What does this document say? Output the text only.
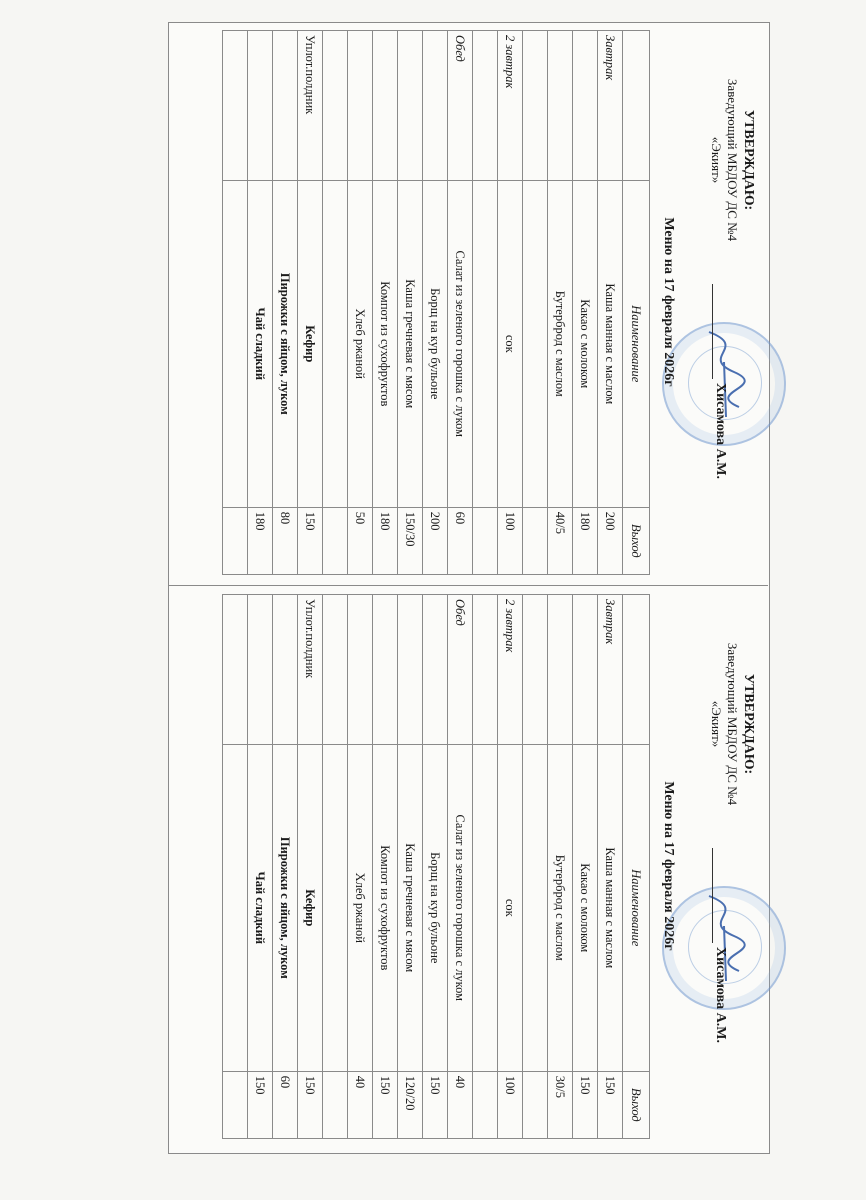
УТВЕРЖДАЮ:
Заведующий МБДОУ ДС №4
«Экият»
Хисамова А.М.
Меню на 17 февраля 2026г
	Наименование	Выход
Завтрак	Каша манная с маслом	200
	Какао с молоком	180
	Бутерброд с маслом	40/5

2 завтрак	сок	100

Обед	Салат из зеленого горошка с луком	60
	Борщ на кур бульоне	200
	Каша гречневая с мясом	150/30
	Компот из сухофруктов	180
	Хлеб ржаной	50

Уплот.полдник	Кефир	150
	Пирожки с яйцом, луком	80
	Чай сладкий	180

УТВЕРЖДАЮ:
Заведующий МБДОУ ДС №4
«Экият»
Хисамова А.М.
Меню на 17 февраля 2026г
	Наименование	Выход
Завтрак	Каша манная с маслом	150
	Какао с молоком	150
	Бутерброд с маслом	30/5

2 завтрак	сок	100

Обед	Салат из зеленого горошка с луком	40
	Борщ на кур бульоне	150
	Каша гречневая с мясом	120/20
	Компот из сухофруктов	150
	Хлеб ржаной	40

Уплот.полдник	Кефир	150
	Пирожки с яйцом, луком	60
	Чай сладкий	150
